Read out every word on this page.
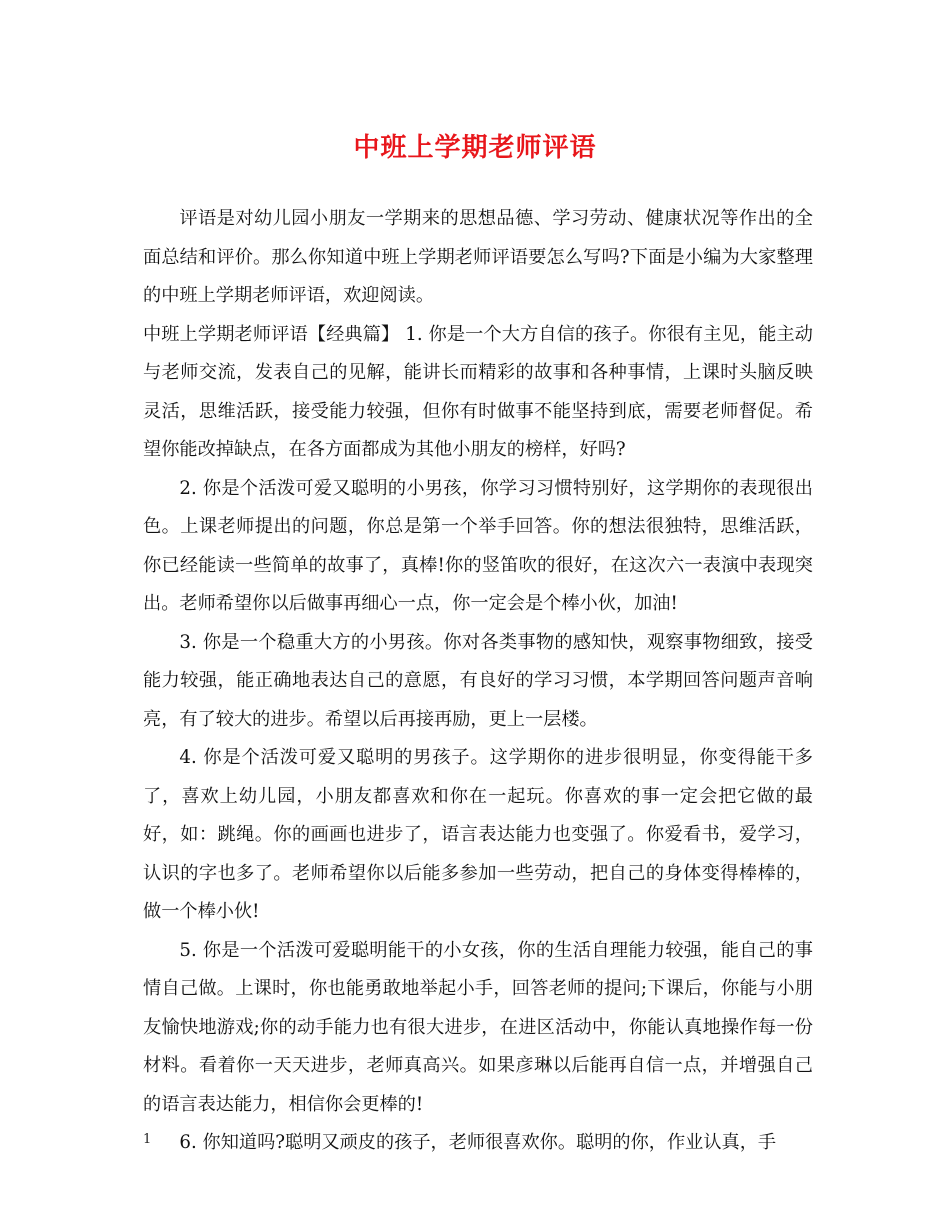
中班上学期老师评语

评语是对幼儿园小朋友一学期来的思想品德、学习劳动、健康状况等作出的全面总结和评价。那么你知道中班上学期老师评语要怎么写吗?下面是小编为大家整理的中班上学期老师评语，欢迎阅读。

中班上学期老师评语【经典篇】 1. 你是一个大方自信的孩子。你很有主见，能主动与老师交流，发表自己的见解，能讲长而精彩的故事和各种事情，上课时头脑反映灵活，思维活跃，接受能力较强，但你有时做事不能坚持到底，需要老师督促。希望你能改掉缺点，在各方面都成为其他小朋友的榜样，好吗?

2. 你是个活泼可爱又聪明的小男孩，你学习习惯特别好，这学期你的表现很出色。上课老师提出的问题，你总是第一个举手回答。你的想法很独特，思维活跃，你已经能读一些简单的故事了，真棒!你的竖笛吹的很好，在这次六一表演中表现突出。老师希望你以后做事再细心一点，你一定会是个棒小伙，加油!

3. 你是一个稳重大方的小男孩。你对各类事物的感知快，观察事物细致，接受能力较强，能正确地表达自己的意愿，有良好的学习习惯，本学期回答问题声音响亮，有了较大的进步。希望以后再接再励，更上一层楼。

4. 你是个活泼可爱又聪明的男孩子。这学期你的进步很明显，你变得能干多了，喜欢上幼儿园，小朋友都喜欢和你在一起玩。你喜欢的事一定会把它做的最好，如：跳绳。你的画画也进步了，语言表达能力也变强了。你爱看书，爱学习，认识的字也多了。老师希望你以后能多参加一些劳动，把自己的身体变得棒棒的，做一个棒小伙!

5. 你是一个活泼可爱聪明能干的小女孩，你的生活自理能力较强，能自己的事情自己做。上课时，你也能勇敢地举起小手，回答老师的提问;下课后，你能与小朋友愉快地游戏;你的动手能力也有很大进步，在进区活动中，你能认真地操作每一份材料。看着你一天天进步，老师真高兴。如果彦琳以后能再自信一点，并增强自己的语言表达能力，相信你会更棒的!

6. 你知道吗?聪明又顽皮的孩子，老师很喜欢你。聪明的你，作业认真，手

1
